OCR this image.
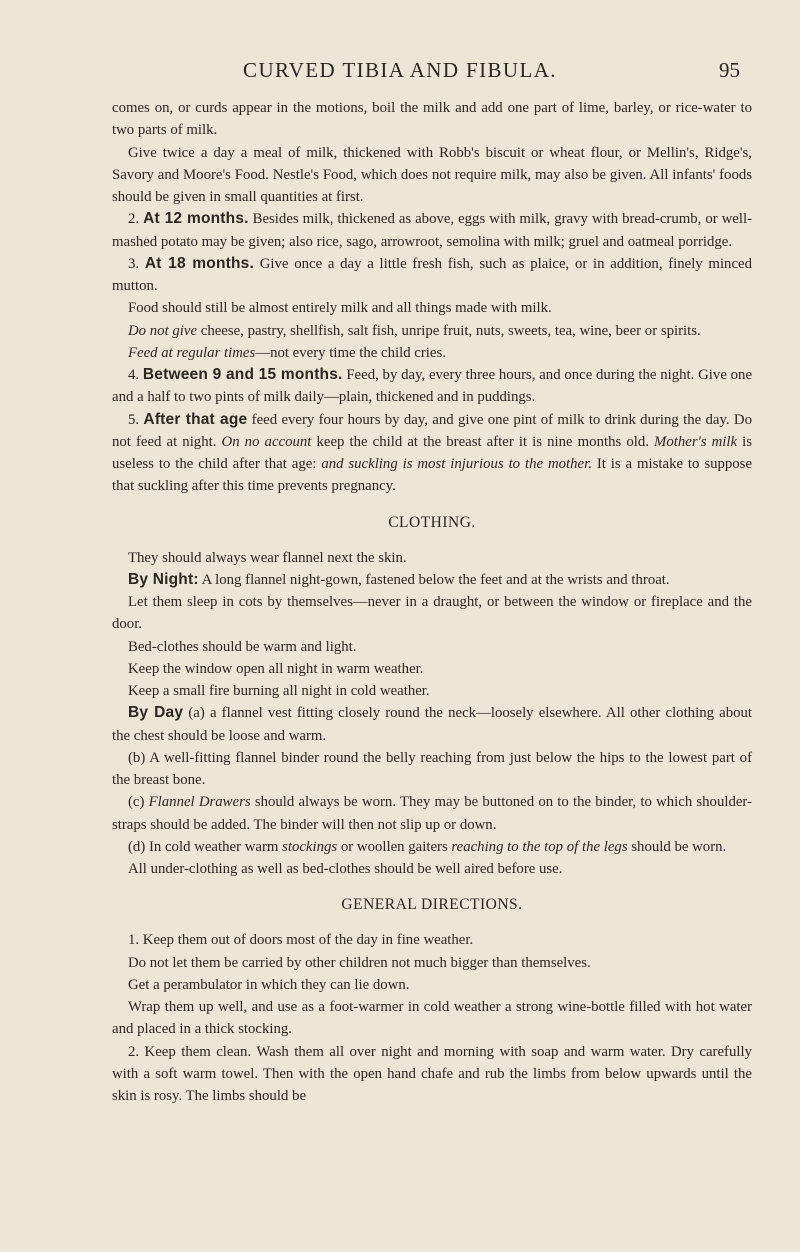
CURVED TIBIA AND FIBULA.	95

comes on, or curds appear in the motions, boil the milk and add one part of lime, barley, or rice-water to two parts of milk.

Give twice a day a meal of milk, thickened with Robb's biscuit or wheat flour, or Mellin's, Ridge's, Savory and Moore's Food. Nestle's Food, which does not require milk, may also be given. All infants' foods should be given in small quantities at first.

2. At 12 months. Besides milk, thickened as above, eggs with milk, gravy with bread-crumb, or well-mashed potato may be given; also rice, sago, arrowroot, semolina with milk; gruel and oatmeal porridge.

3. At 18 months. Give once a day a little fresh fish, such as plaice, or in addition, finely minced mutton.

Food should still be almost entirely milk and all things made with milk.

Do not give cheese, pastry, shellfish, salt fish, unripe fruit, nuts, sweets, tea, wine, beer or spirits.

Feed at regular times—not every time the child cries.

4. Between 9 and 15 months. Feed, by day, every three hours, and once during the night. Give one and a half to two pints of milk daily—plain, thickened and in puddings.

5. After that age feed every four hours by day, and give one pint of milk to drink during the day. Do not feed at night. On no account keep the child at the breast after it is nine months old. Mother's milk is useless to the child after that age: and suckling is most injurious to the mother. It is a mistake to suppose that suckling after this time prevents pregnancy.

CLOTHING.

They should always wear flannel next the skin.

By Night: A long flannel night-gown, fastened below the feet and at the wrists and throat.

Let them sleep in cots by themselves—never in a draught, or between the window or fireplace and the door.

Bed-clothes should be warm and light.

Keep the window open all night in warm weather.

Keep a small fire burning all night in cold weather.

By Day (a) a flannel vest fitting closely round the neck—loosely elsewhere. All other clothing about the chest should be loose and warm.

(b) A well-fitting flannel binder round the belly reaching from just below the hips to the lowest part of the breast bone.

(c) Flannel Drawers should always be worn. They may be buttoned on to the binder, to which shoulder-straps should be added. The binder will then not slip up or down.

(d) In cold weather warm stockings or woollen gaiters reaching to the top of the legs should be worn.

All under-clothing as well as bed-clothes should be well aired before use.

GENERAL DIRECTIONS.

1. Keep them out of doors most of the day in fine weather.

Do not let them be carried by other children not much bigger than themselves.

Get a perambulator in which they can lie down.

Wrap them up well, and use as a foot-warmer in cold weather a strong wine-bottle filled with hot water and placed in a thick stocking.

2. Keep them clean. Wash them all over night and morning with soap and warm water. Dry carefully with a soft warm towel. Then with the open hand chafe and rub the limbs from below upwards until the skin is rosy. The limbs should be
